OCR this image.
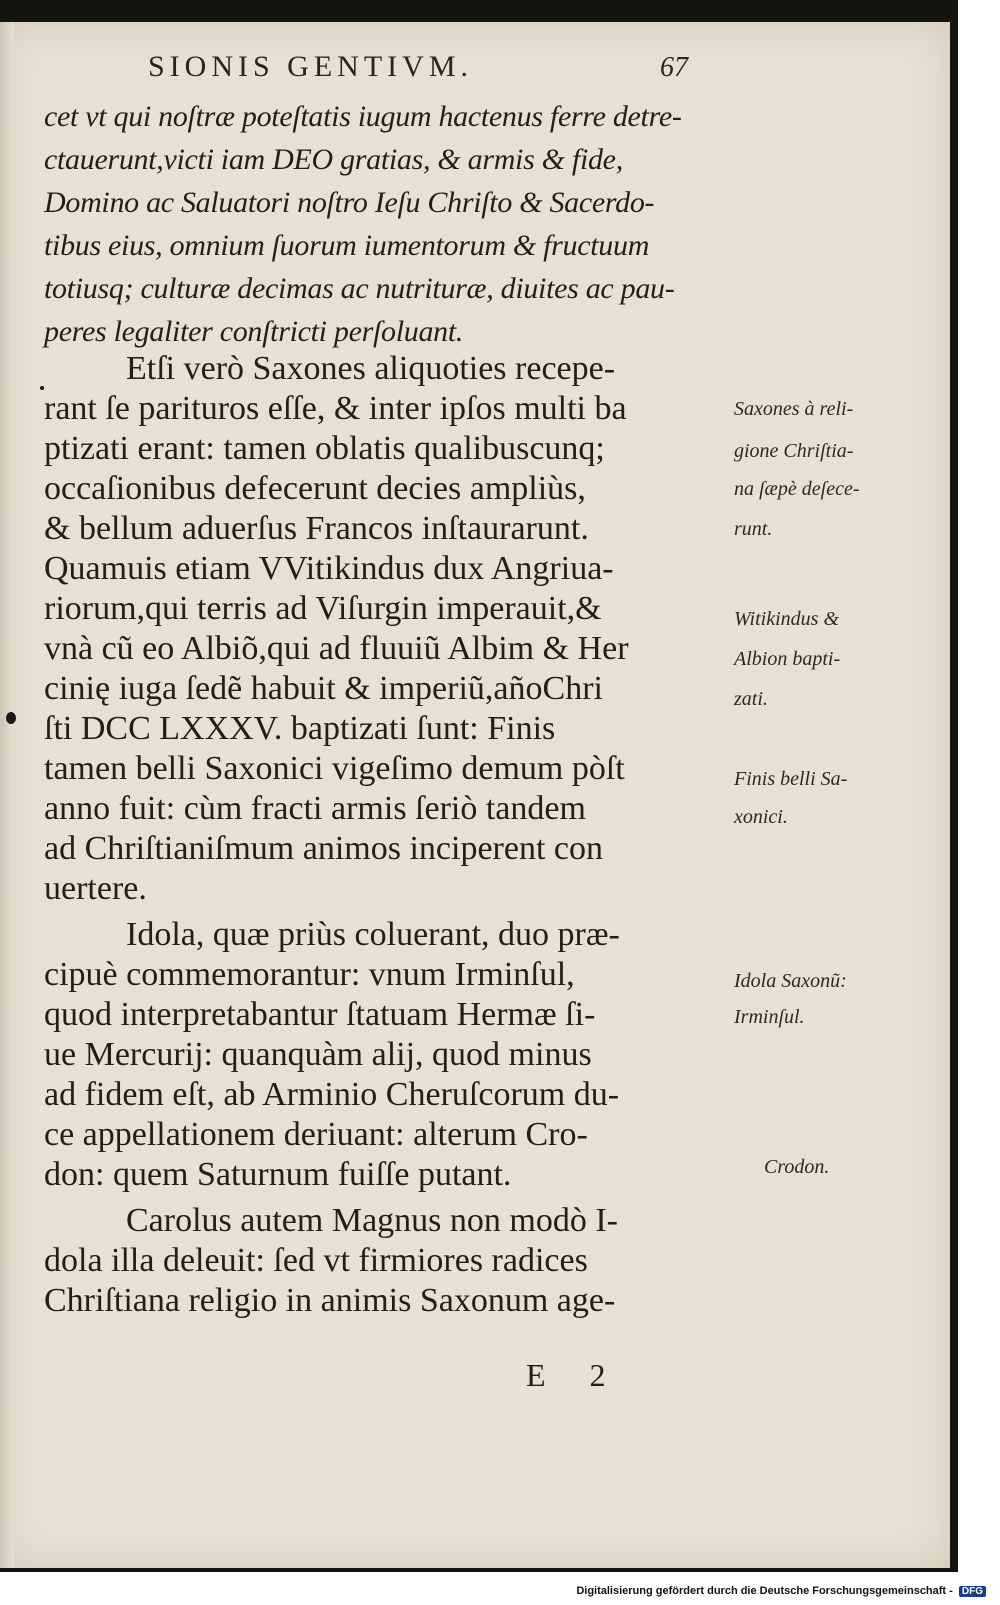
SIONIS GENTIVM.	67
cet vt qui noſtræ poteſtatis iugum hactenus ferre detre-
ctauerunt,victi iam DEO gratias, & armis & fide,
Domino ac Saluatori noſtro Ieſu Chriſto & Sacerdo-
tibus eius, omnium ſuorum iumentorum & fructuum
totiusq; culturæ decimas ac nutrituræ, diuites ac pau-
peres legaliter conſtricti perſoluant.
Etſi verò Saxones aliquoties recepe-
rant ſe parituros eſſe, & inter ipſos multi ba
ptizati erant: tamen oblatis qualibuscunq;
occaſionibus defecerunt decies ampliùs,
& bellum aduerſus Francos inſtaurarunt.
Quamuis etiam VVitikindus dux Angriua-
riorum,qui terris ad Viſurgin imperauit,&
vnà cũ eo Albiõ,qui ad fluuiũ Albim & Her
cinię iuga ſedẽ habuit & imperiũ,añoChri
ſti DCC LXXXV. baptizati ſunt: Finis
tamen belli Saxonici vigeſimo demum pòſt
anno fuit: cùm fracti armis ſeriò tandem
ad Chriſtianiſmum animos inciperent con
uertere.
Idola, quæ priùs coluerant, duo præ-
cipuè commemorantur: vnum Irminſul,
quod interpretabantur ſtatuam Hermæ ſi-
ue Mercurij: quanquàm alij, quod minus
ad fidem eſt, ab Arminio Cheruſcorum du-
ce appellationem deriuant: alterum Cro-
don: quem Saturnum fuiſſe putant.
Carolus autem Magnus non modò I-
dola illa deleuit: ſed vt firmiores radices
Chriſtiana religio in animis Saxonum age-
Saxones à reli-
gione Chriſtia-
na ſæpè deſece-
runt.
Witikindus &
Albion bapti-
zati.
Finis belli Sa-
xonici.
Idola Saxonũ:
Irminſul.
Crodon.
E 2
Digitalisierung gefördert durch die Deutsche Forschungsgemeinschaft - DFG
